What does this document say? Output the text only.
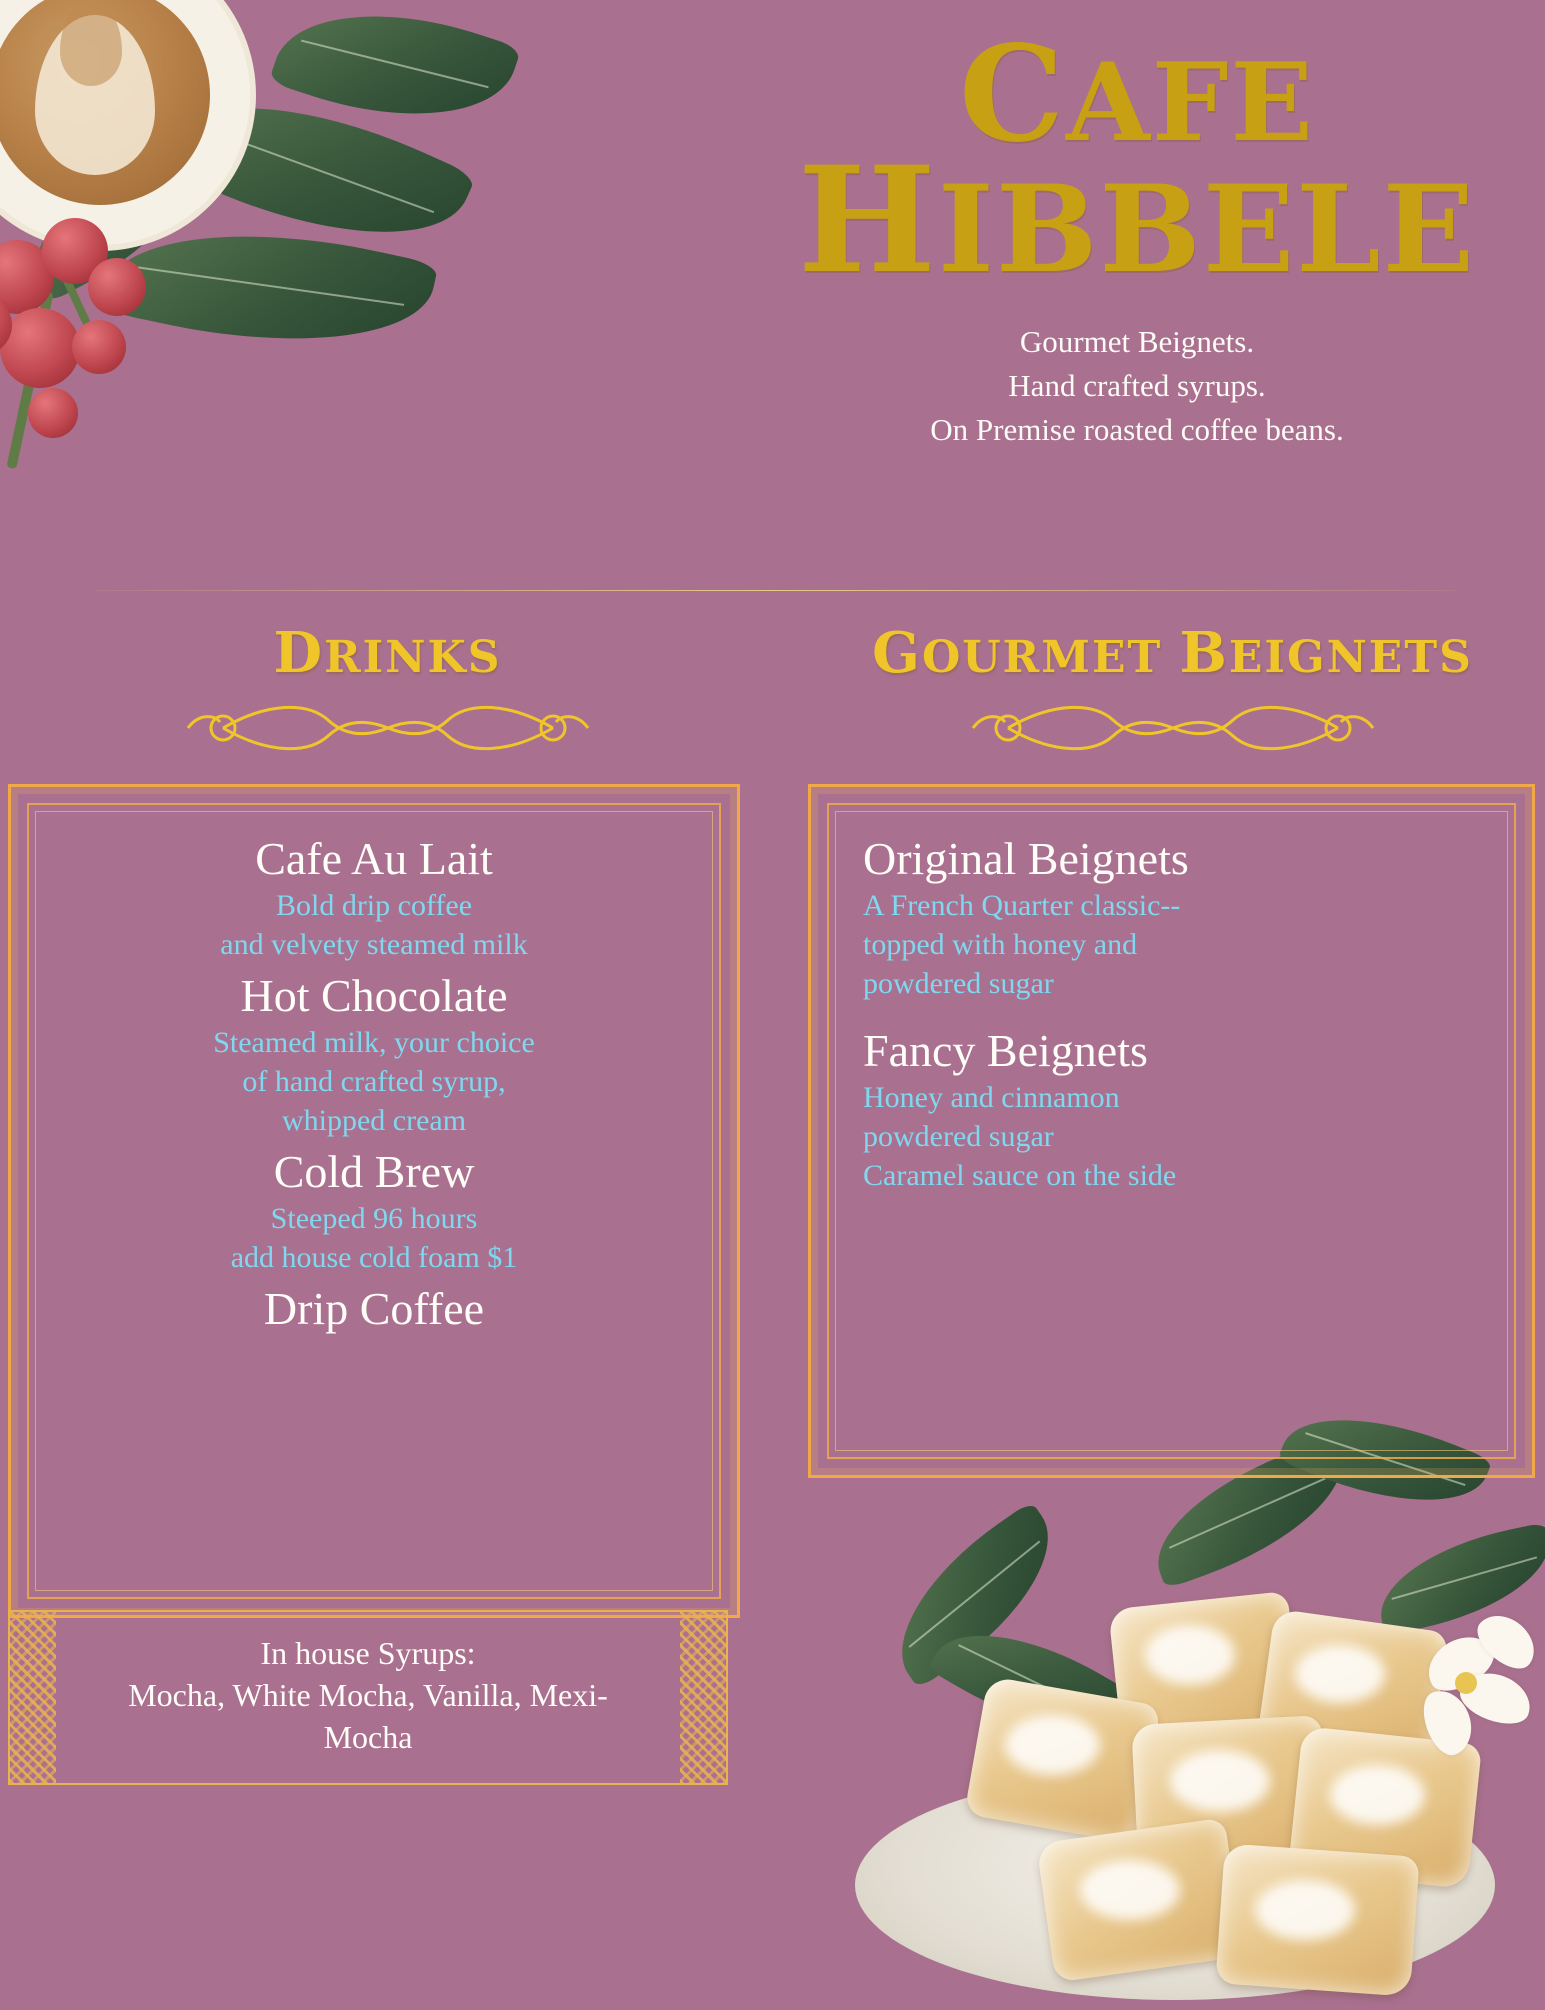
CAFE
HIBBELE
Gourmet Beignets.
Hand crafted syrups.
On Premise roasted coffee beans.
DRINKS
Cafe Au Lait
Bold drip coffee
and velvety steamed milk
Hot Chocolate
Steamed milk, your choice
of hand crafted syrup,
whipped cream
Cold Brew
Steeped 96 hours
add house cold foam $1
Drip Coffee
GOURMET BEIGNETS
Original Beignets
A French Quarter classic--
topped with honey and
powdered sugar
Fancy Beignets
Honey and cinnamon
powdered sugar
Caramel sauce on the side
In house Syrups:
Mocha, White Mocha, Vanilla, Mexi-
Mocha
